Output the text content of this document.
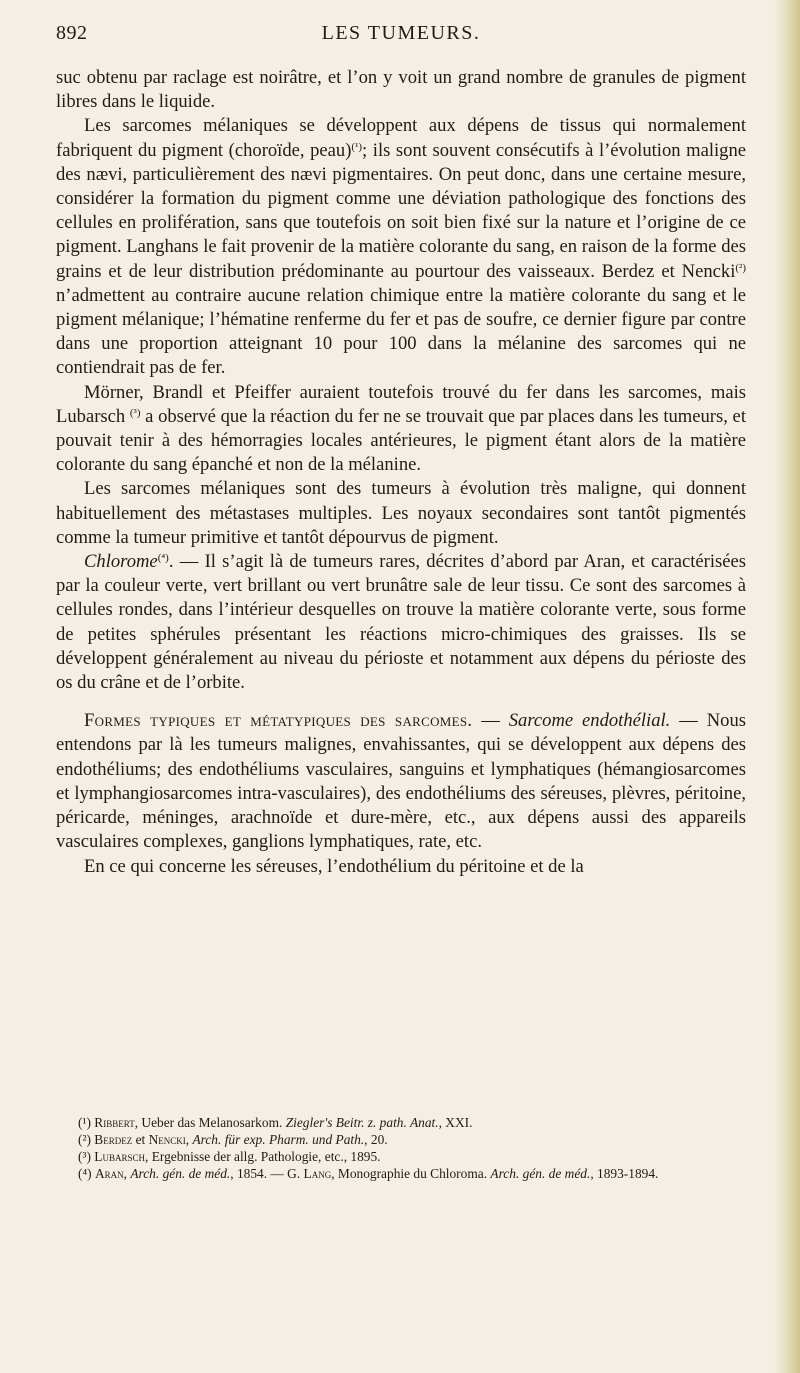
892	LES TUMEURS.

suc obtenu par raclage est noirâtre, et l’on y voit un grand nombre de granules de pigment libres dans le liquide.

Les sarcomes mélaniques se développent aux dépens de tissus qui normalement fabriquent du pigment (choroïde, peau)$^{(^1)}$; ils sont souvent consécutifs à l’évolution maligne des nævi, particulièrement des nævi pigmentaires. On peut donc, dans une certaine mesure, considérer la formation du pigment comme une déviation pathologique des fonctions des cellules en prolifération, sans que toutefois on soit bien fixé sur la nature et l’origine de ce pigment. Langhans le fait provenir de la matière colorante du sang, en raison de la forme des grains et de leur distribution prédominante au pourtour des vaisseaux. Berdez et Nencki$^{(^2)}$ n’admettent au contraire aucune relation chimique entre la matière colorante du sang et le pigment mélanique; l’hématine renferme du fer et pas de soufre, ce dernier figure par contre dans une proportion atteignant 10 pour 100 dans la mélanine des sarcomes qui ne contiendrait pas de fer.

Mörner, Brandl et Pfeiffer auraient toutefois trouvé du fer dans les sarcomes, mais Lubarsch $^{(^3)}$ a observé que la réaction du fer ne se trouvait que par places dans les tumeurs, et pouvait tenir à des hémorragies locales antérieures, le pigment étant alors de la matière colorante du sang épanché et non de la mélanine.

Les sarcomes mélaniques sont des tumeurs à évolution très maligne, qui donnent habituellement des métastases multiples. Les noyaux secondaires sont tantôt pigmentés comme la tumeur primitive et tantôt dépourvus de pigment.

Chlorome$^{(^4)}$. — Il s’agit là de tumeurs rares, décrites d’abord par Aran, et caractérisées par la couleur verte, vert brillant ou vert brunâtre sale de leur tissu. Ce sont des sarcomes à cellules rondes, dans l’intérieur desquelles on trouve la matière colorante verte, sous forme de petites sphérules présentant les réactions micro-chimiques des graisses. Ils se développent généralement au niveau du périoste et notamment aux dépens du périoste des os du crâne et de l’orbite.

Formes typiques et métatypiques des sarcomes. — Sarcome endothélial. — Nous entendons par là les tumeurs malignes, envahissantes, qui se développent aux dépens des endothéliums; des endothéliums vasculaires, sanguins et lymphatiques (hémangiosarcomes et lymphangiosarcomes intra-vasculaires), des endothéliums des séreuses, plèvres, péritoine, péricarde, méninges, arachnoïde et dure-mère, etc., aux dépens aussi des appareils vasculaires complexes, ganglions lymphatiques, rate, etc.

En ce qui concerne les séreuses, l’endothélium du péritoine et de la

(¹) Ribbert, Ueber das Melanosarkom. Ziegler's Beitr. z. path. Anat., XXI.

(²) Berdez et Nencki, Arch. für exp. Pharm. und Path., 20.

(³) Lubarsch, Ergebnisse der allg. Pathologie, etc., 1895.

(⁴) Aran, Arch. gén. de méd., 1854. — G. Lang, Monographie du Chloroma. Arch. gén. de méd., 1893-1894.
